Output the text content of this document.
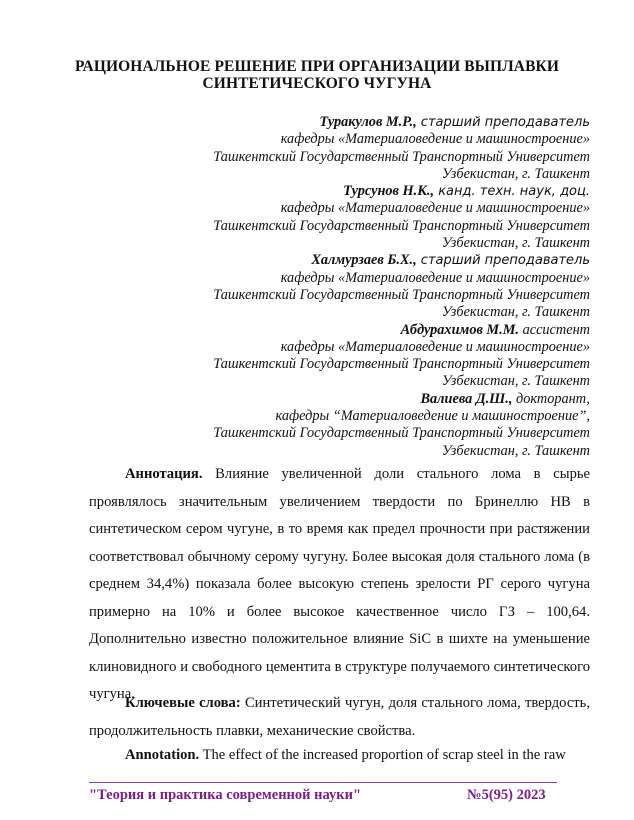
РАЦИОНАЛЬНОЕ РЕШЕНИЕ ПРИ ОРГАНИЗАЦИИ ВЫПЛАВКИ
СИНТЕТИЧЕСКОГО ЧУГУНА
Туракулов М.Р., старший преподаватель
кафедры «Материаловедение и машиностроение»
Ташкентский Государственный Транспортный Университет
Узбекистан, г. Ташкент
Турсунов Н.К., канд. техн. наук, доц.
кафедры «Материаловедение и машиностроение»
Ташкентский Государственный Транспортный Университет
Узбекистан, г. Ташкент
Халмурзаев Б.Х., старший преподаватель
кафедры «Материаловедение и машиностроение»
Ташкентский Государственный Транспортный Университет
Узбекистан, г. Ташкент
Абдурахимов М.М. ассистент
кафедры «Материаловедение и машиностроение»
Ташкентский Государственный Транспортный Университет
Узбекистан, г. Ташкент
Валиева Д.Ш., докторант,
кафедры “Материаловедение и машиностроение”,
Ташкентский Государственный Транспортный Университет
Узбекистан, г. Ташкент

Аннотация. Влияние увеличенной доли стального лома в сырье проявлялось значительным увеличением твердости по Бринеллю HB в синтетическом сером чугуне, в то время как предел прочности при растяжении соответствовал обычному серому чугуну. Более высокая доля стального лома (в среднем 34,4%) показала более высокую степень зрелости РГ серого чугуна примерно на 10% и более высокое качественное число ГЗ – 100,64. Дополнительно известно положительное влияние SiC в шихте на уменьшение клиновидного и свободного цементита в структуре получаемого синтетического чугуна.

Ключевые слова: Синтетический чугун, доля стального лома, твердость, продолжительность плавки, механические свойства.

Annotation. The effect of the increased proportion of scrap steel in the raw

"Теория и практика современной науки"	№5(95) 2023
